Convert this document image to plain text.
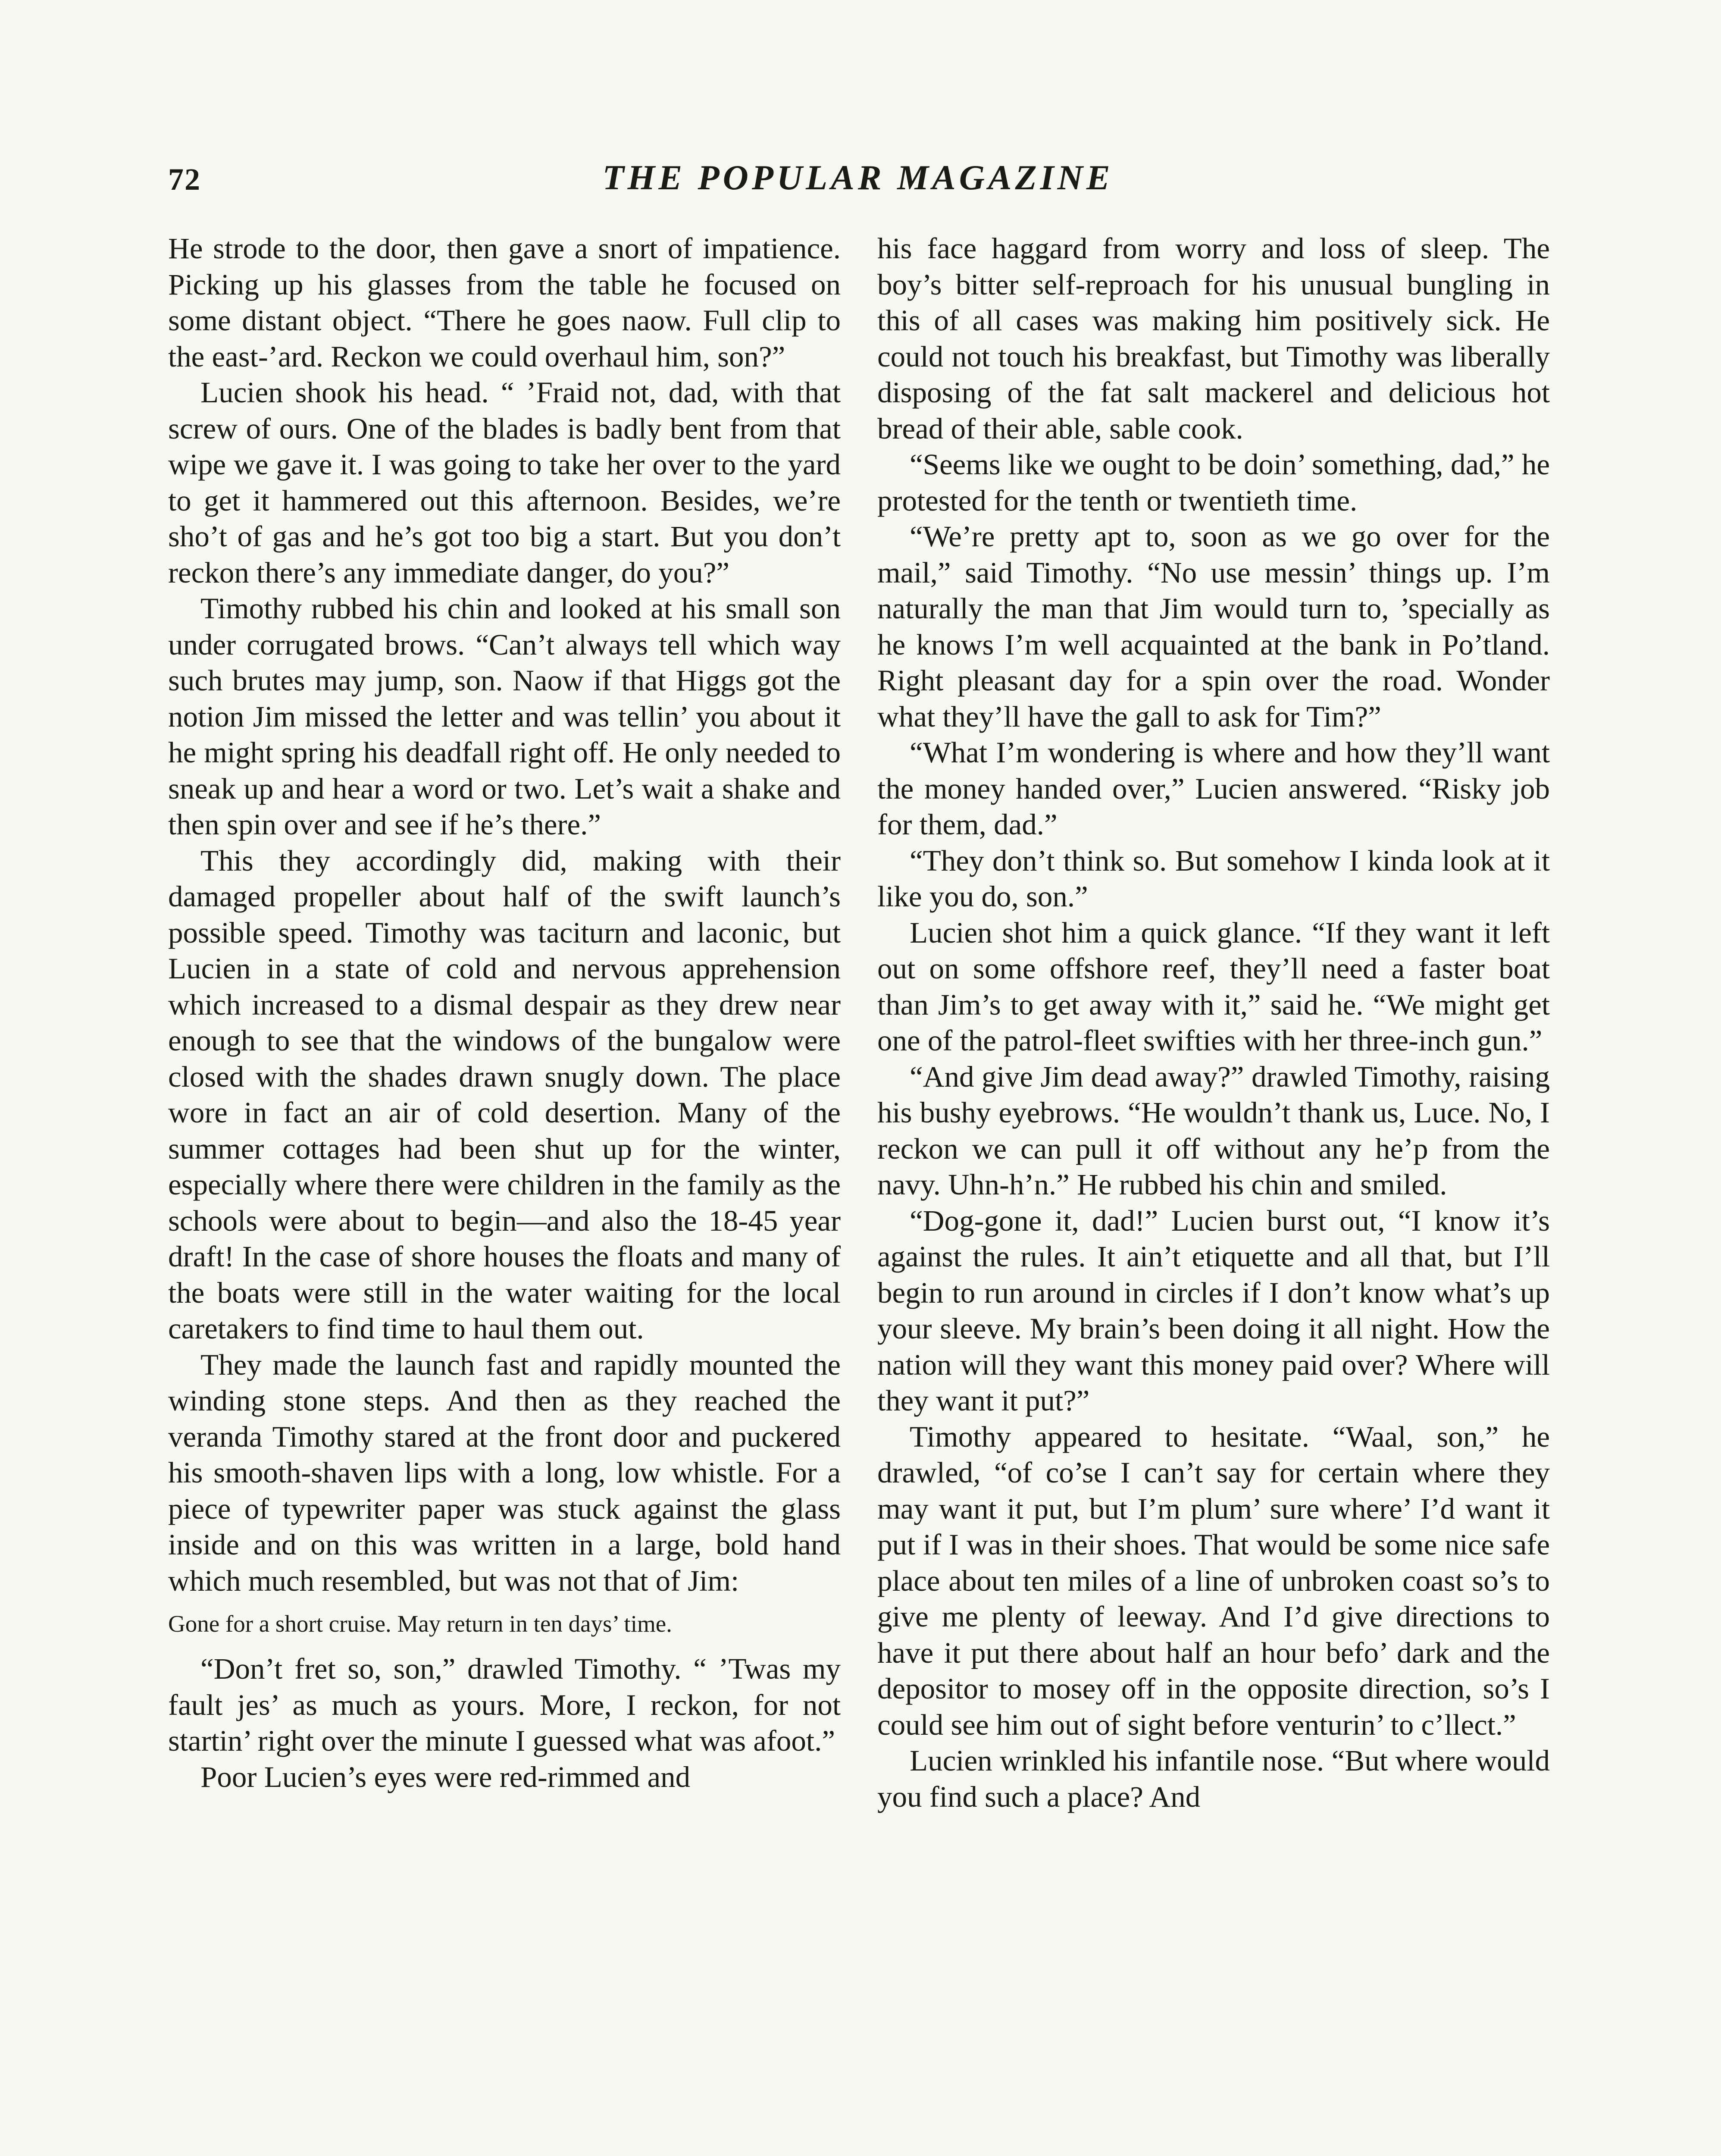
72	THE POPULAR MAGAZINE

He strode to the door, then gave a snort of impatience. Picking up his glasses from the table he focused on some distant object. “There he goes naow. Full clip to the east-’ard. Reckon we could overhaul him, son?”

Lucien shook his head. “ ’Fraid not, dad, with that screw of ours. One of the blades is badly bent from that wipe we gave it. I was going to take her over to the yard to get it hammered out this afternoon. Besides, we’re sho’t of gas and he’s got too big a start. But you don’t reckon there’s any immediate danger, do you?”

Timothy rubbed his chin and looked at his small son under corrugated brows. “Can’t always tell which way such brutes may jump, son. Naow if that Higgs got the notion Jim missed the letter and was tellin’ you about it he might spring his deadfall right off. He only needed to sneak up and hear a word or two. Let’s wait a shake and then spin over and see if he’s there.”

This they accordingly did, making with their damaged propeller about half of the swift launch’s possible speed. Timothy was taciturn and laconic, but Lucien in a state of cold and nervous apprehension which increased to a dismal despair as they drew near enough to see that the windows of the bungalow were closed with the shades drawn snugly down. The place wore in fact an air of cold desertion. Many of the summer cottages had been shut up for the winter, especially where there were children in the family as the schools were about to begin—and also the 18-45 year draft! In the case of shore houses the floats and many of the boats were still in the water waiting for the local caretakers to find time to haul them out.

They made the launch fast and rapidly mounted the winding stone steps. And then as they reached the veranda Timothy stared at the front door and puckered his smooth-shaven lips with a long, low whistle. For a piece of typewriter paper was stuck against the glass inside and on this was written in a large, bold hand which much resembled, but was not that of Jim:

Gone for a short cruise. May return in ten days’ time.

“Don’t fret so, son,” drawled Timothy. “ ’Twas my fault jes’ as much as yours. More, I reckon, for not startin’ right over the minute I guessed what was afoot.”

Poor Lucien’s eyes were red-rimmed and

his face haggard from worry and loss of sleep. The boy’s bitter self-reproach for his unusual bungling in this of all cases was making him positively sick. He could not touch his breakfast, but Timothy was liberally disposing of the fat salt mackerel and delicious hot bread of their able, sable cook.

“Seems like we ought to be doin’ something, dad,” he protested for the tenth or twentieth time.

“We’re pretty apt to, soon as we go over for the mail,” said Timothy. “No use messin’ things up. I’m naturally the man that Jim would turn to, ’specially as he knows I’m well acquainted at the bank in Po’tland. Right pleasant day for a spin over the road. Wonder what they’ll have the gall to ask for Tim?”

“What I’m wondering is where and how they’ll want the money handed over,” Lucien answered. “Risky job for them, dad.”

“They don’t think so. But somehow I kinda look at it like you do, son.”

Lucien shot him a quick glance. “If they want it left out on some offshore reef, they’ll need a faster boat than Jim’s to get away with it,” said he. “We might get one of the patrol-fleet swifties with her three-inch gun.”

“And give Jim dead away?” drawled Timothy, raising his bushy eyebrows. “He wouldn’t thank us, Luce. No, I reckon we can pull it off without any he’p from the navy. Uhn-h’n.” He rubbed his chin and smiled.

“Dog-gone it, dad!” Lucien burst out, “I know it’s against the rules. It ain’t etiquette and all that, but I’ll begin to run around in circles if I don’t know what’s up your sleeve. My brain’s been doing it all night. How the nation will they want this money paid over? Where will they want it put?”

Timothy appeared to hesitate. “Waal, son,” he drawled, “of co’se I can’t say for certain where they may want it put, but I’m plum’ sure where’ I’d want it put if I was in their shoes. That would be some nice safe place about ten miles of a line of unbroken coast so’s to give me plenty of leeway. And I’d give directions to have it put there about half an hour befo’ dark and the depositor to mosey off in the opposite direction, so’s I could see him out of sight before venturin’ to c’llect.”

Lucien wrinkled his infantile nose. “But where would you find such a place? And
